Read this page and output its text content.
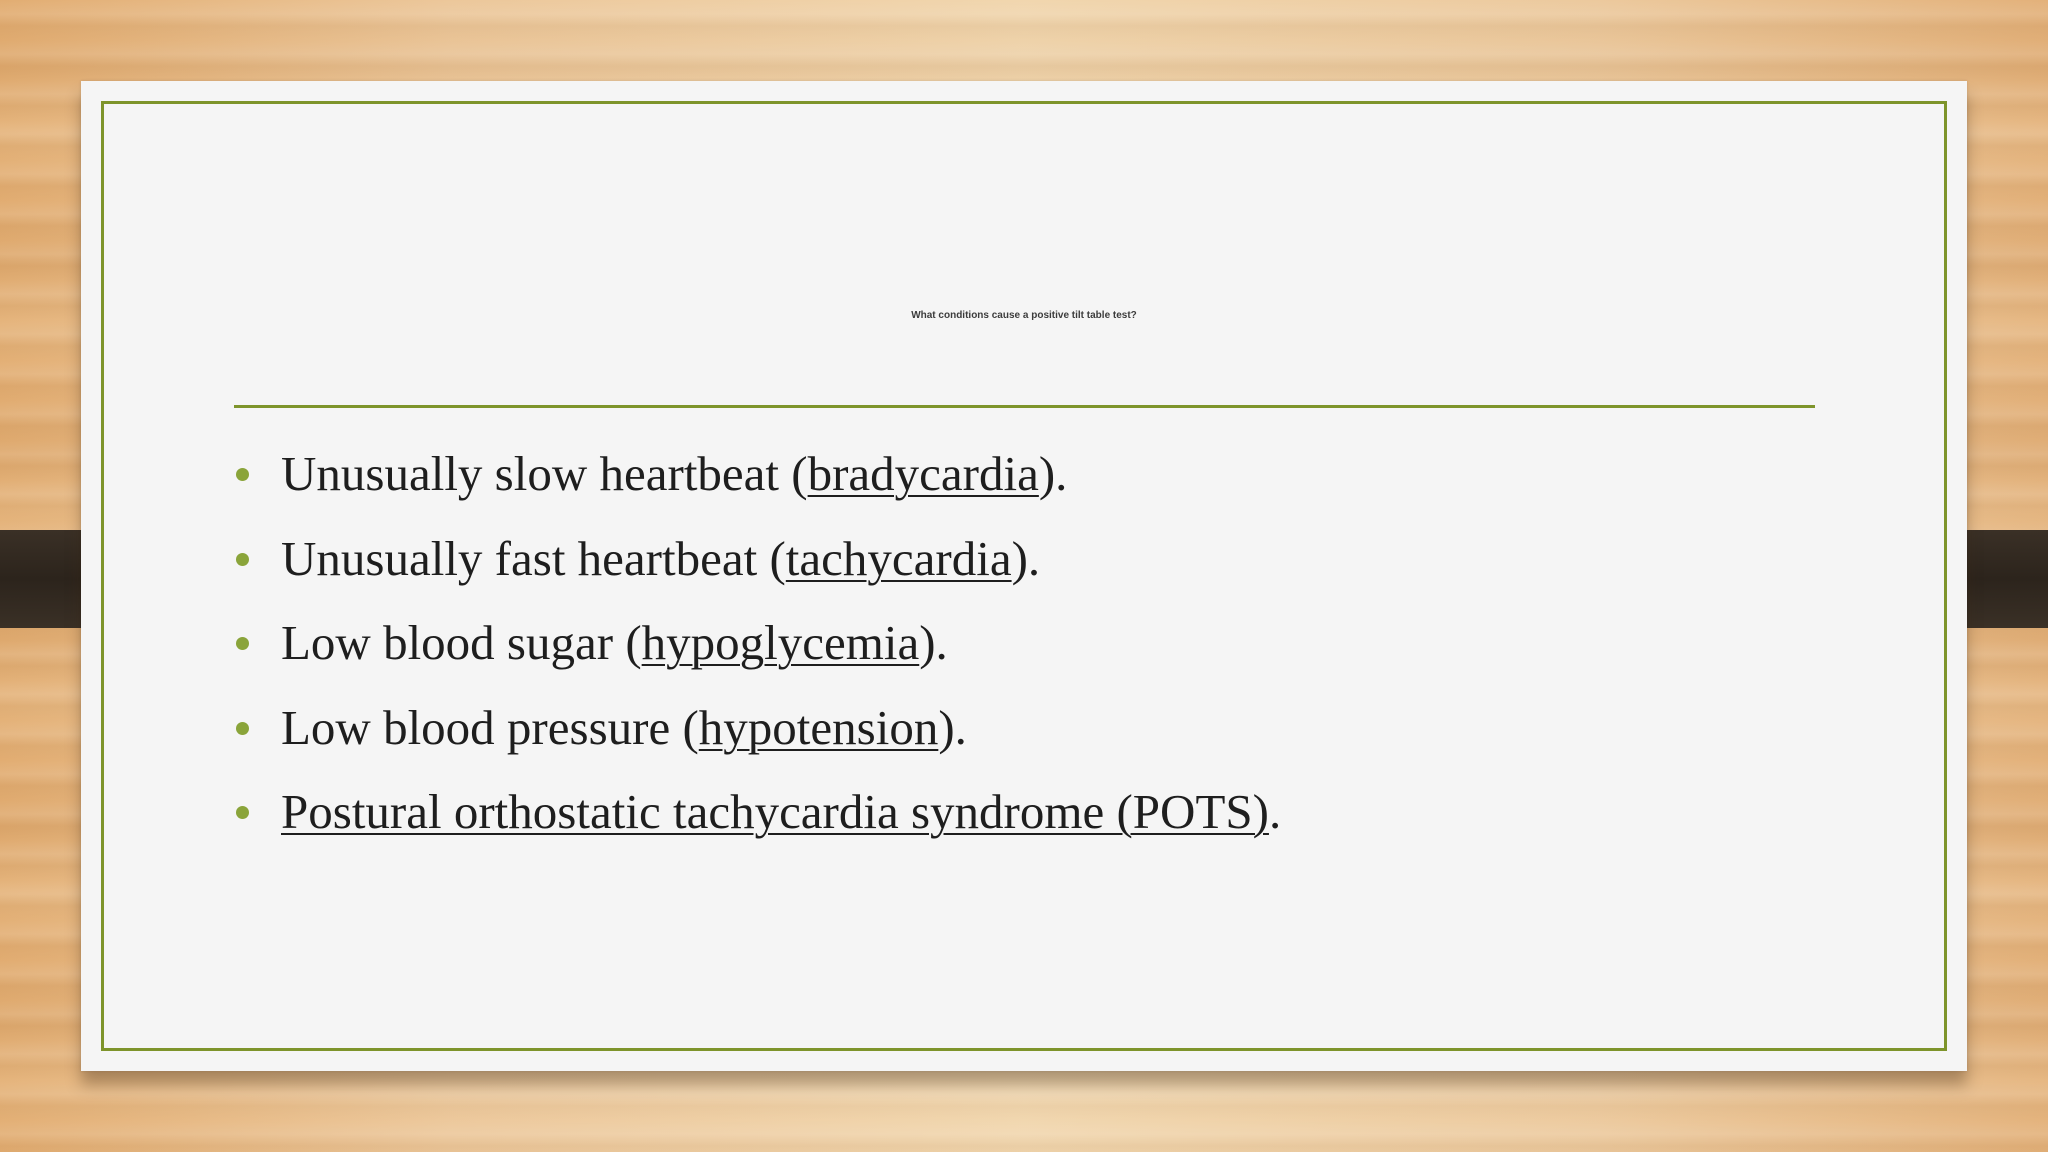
What conditions cause a positive tilt table test?
Unusually slow heartbeat (bradycardia).
Unusually fast heartbeat (tachycardia).
Low blood sugar (hypoglycemia).
Low blood pressure (hypotension).
Postural orthostatic tachycardia syndrome (POTS).
